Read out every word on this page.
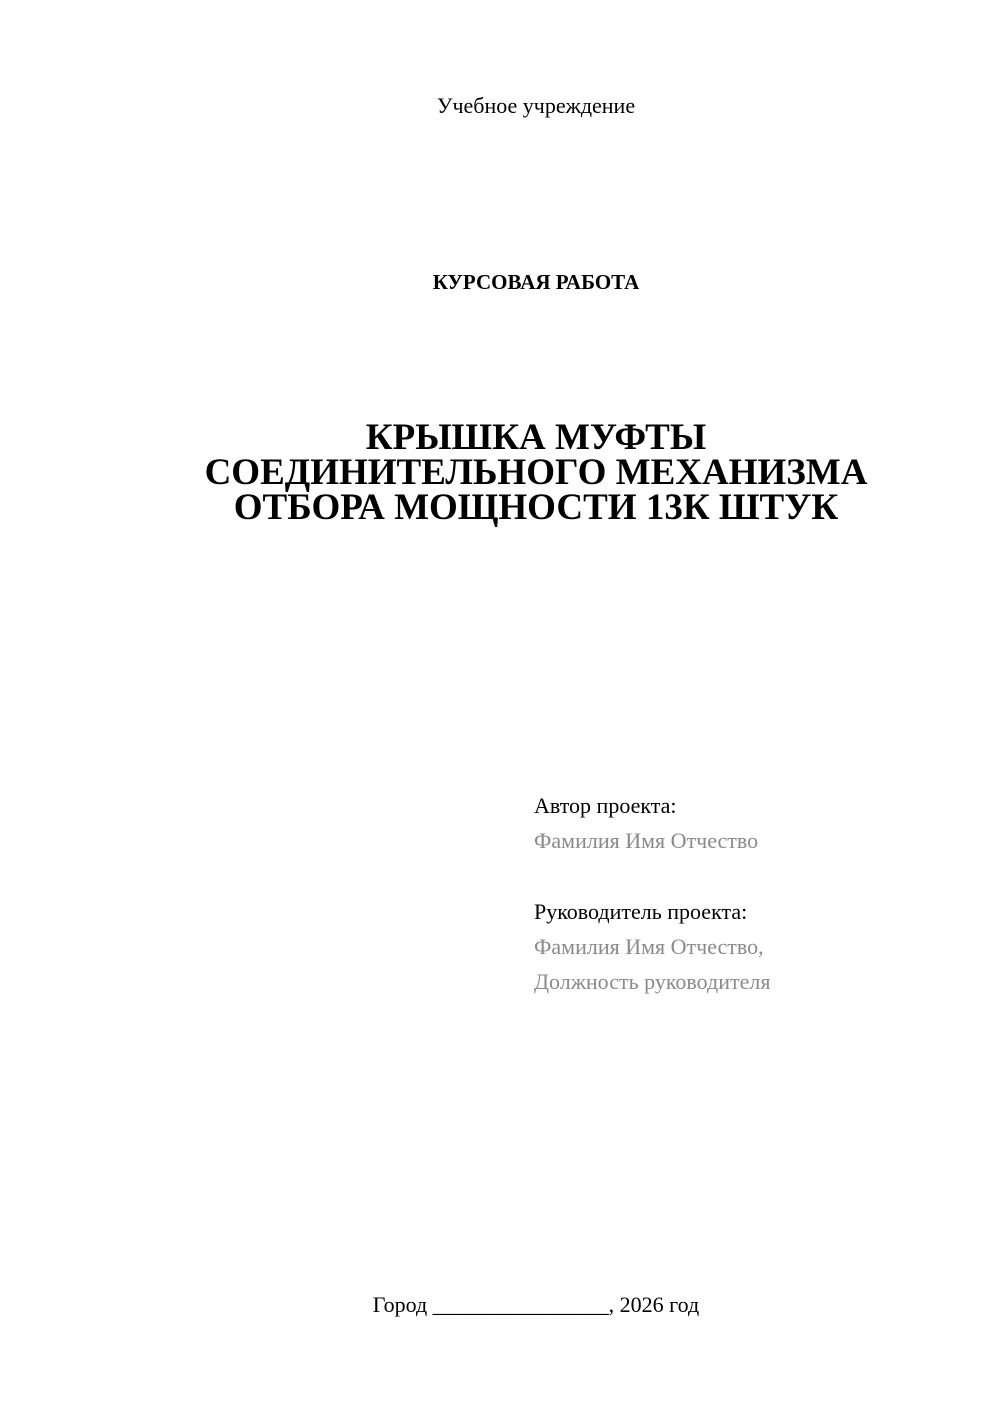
Учебное учреждение
КУРСОВАЯ РАБОТА
КРЫШКА МУФТЫ
СОЕДИНИТЕЛЬНОГО МЕХАНИЗМА
ОТБОРА МОЩНОСТИ 13К ШТУК
Автор проекта:
Фамилия Имя Отчество
Руководитель проекта:
Фамилия Имя Отчество,
Должность руководителя
Город ________________, 2026 год
